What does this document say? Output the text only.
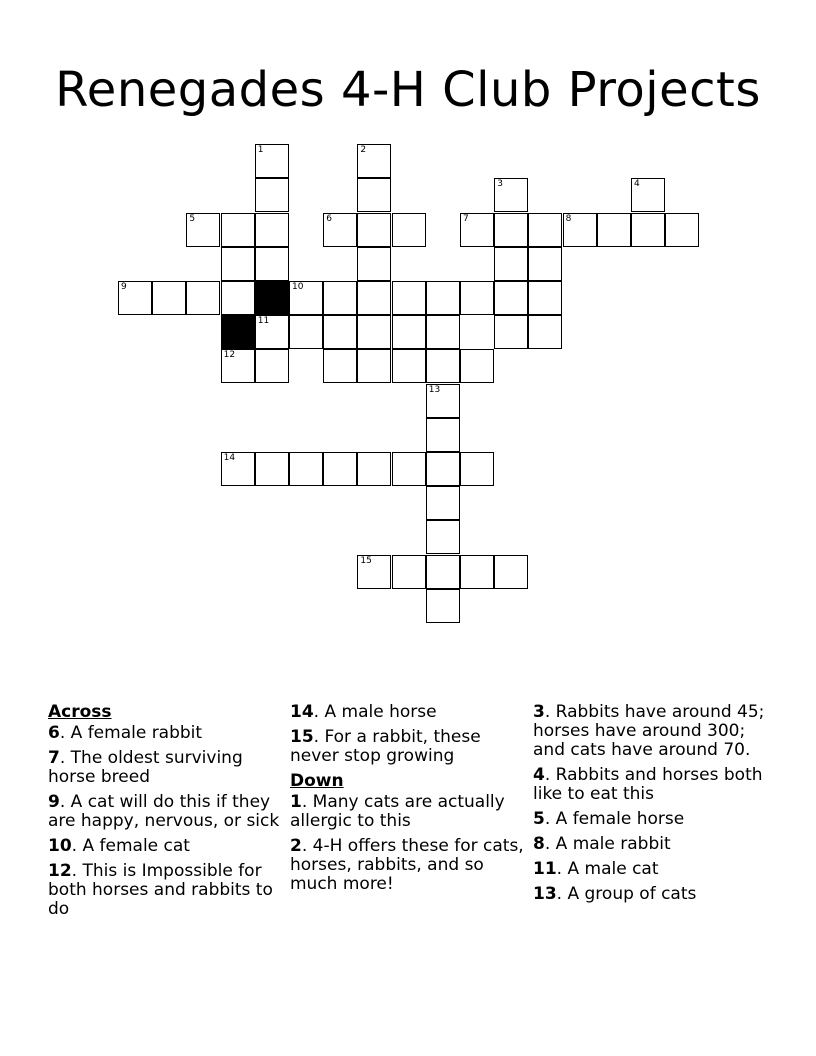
Renegades 4-H Club Projects
1	2
3	4
6	7	8
9	10
13
14
15
5
11
12
Across
6. A female rabbit
7. The oldest surviving horse breed
9. A cat will do this if they are happy, nervous, or sick
10. A female cat
12. This is Impossible for both horses and rabbits to do
14. A male horse
15. For a rabbit, these never stop growing
Down
1. Many cats are actually allergic to this
2. 4-H offers these for cats, horses, rabbits, and so much more!
3. Rabbits have around 45; horses have around 300; and cats have around 70.
4. Rabbits and horses both like to eat this
5. A female horse
8. A male rabbit
11. A male cat
13. A group of cats
